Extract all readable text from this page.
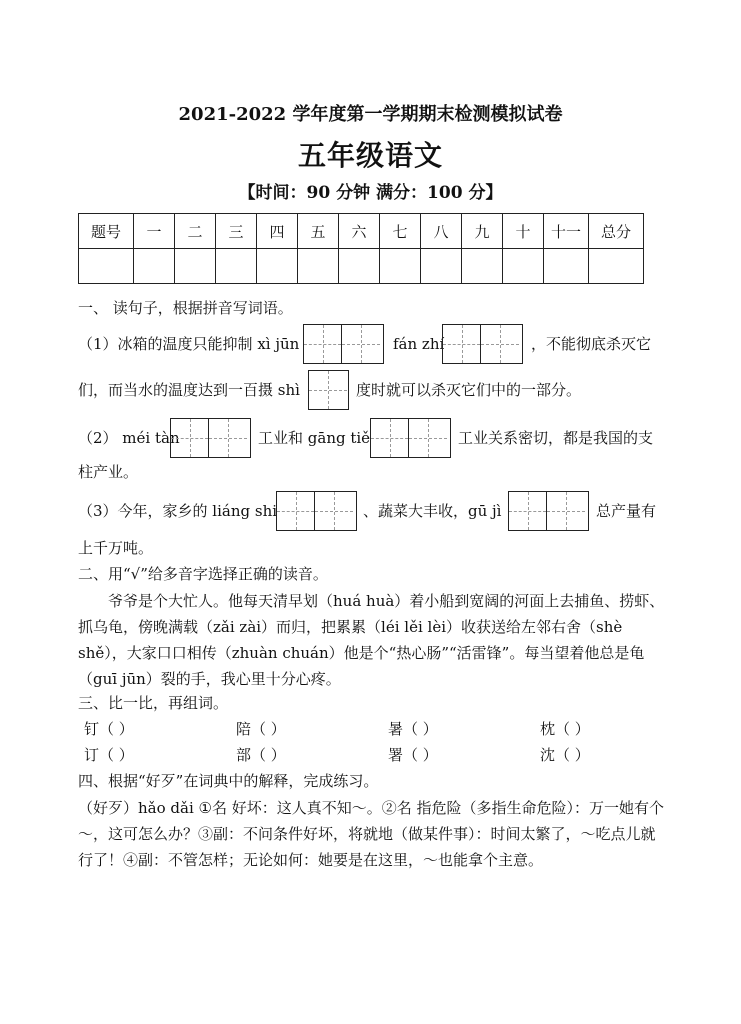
2021-2022 学年度第一学期期末检测模拟试卷
五年级语文
【时间：90 分钟 满分：100 分】
题号	一	二	三	四	五	六	七	八	九	十	十一	总分

一、 读句子，根据拼音写词语。
（1）冰箱的温度只能抑制 xì jūn	fán zhí	，不能彻底杀灭它
们，而当水的温度达到一百摄 shì	度时就可以杀灭它们中的一部分。
（2） méi tàn	工业和 gāng tiě	工业关系密切，都是我国的支
柱产业。
（3）今年，家乡的 liáng shi	、蔬菜大丰收，gū jì	总产量有
上千万吨。
二、用“√”给多音字选择正确的读音。
爷爷是个大忙人。他每天清早划（huá huà）着小船到宽阔的河面上去捕鱼、捞虾、抓乌龟，傍晚满载（zǎi zài）而归，把累累（léi lěi lèi）收获送给左邻右舍（shè shě），大家口口相传（zhuàn chuán）他是个“热心肠”“活雷锋”。每当望着他总是龟（guī jūn）裂的手，我心里十分心疼。
三、比一比，再组词。
钉（ ）	陪（ ）	暑（ ）	枕（ ）
订（ ）	部（ ）	署（ ）	沈（ ）
四、根据“好歹”在词典中的解释，完成练习。
（好歹）hǎo dǎi ①名 好坏：这人真不知～。②名 指危险（多指生命危险）：万一她有个～，这可怎么办？③副：不问条件好坏，将就地（做某件事）：时间太繁了，～吃点儿就行了！④副：不管怎样；无论如何：她要是在这里，～也能拿个主意。
